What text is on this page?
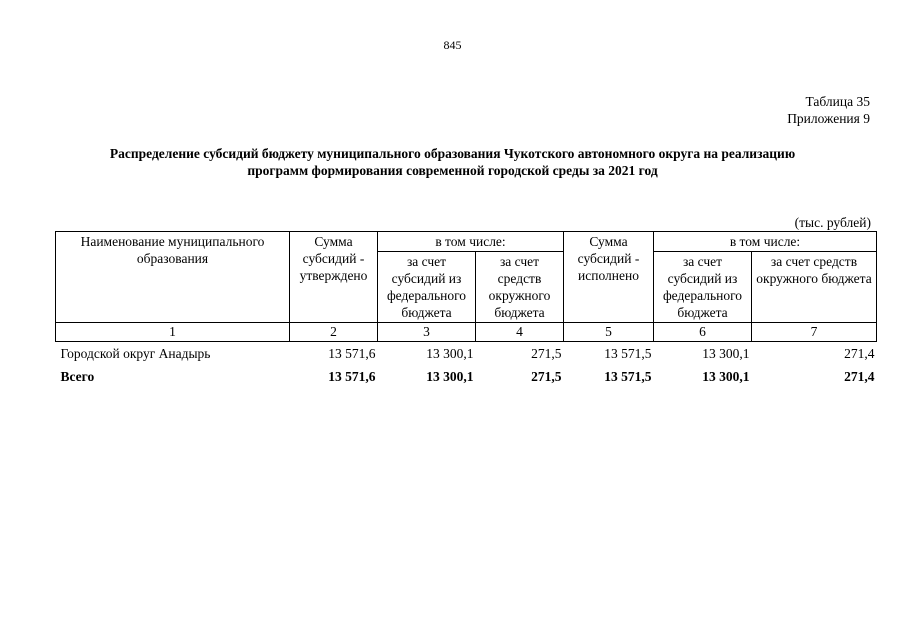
845
Таблица 35
Приложения 9
Распределение субсидий бюджету муниципального образования Чукотского автономного округа на реализацию
программ формирования современной городской среды за 2021 год
(тыс. рублей)
Наименование муниципального образования	Сумма субсидий - утверждено	в том числе:		Сумма субсидий - исполнено	в том числе:	
		за счет субсидий из федерального бюджета	за счет средств окружного бюджета		за счет субсидий из федерального бюджета	за счет средств окружного бюджета
1	2	3	4	5	6	7
Городской округ Анадырь	13 571,6	13 300,1	271,5	13 571,5	13 300,1	271,4
Всего	13 571,6	13 300,1	271,5	13 571,5	13 300,1	271,4
